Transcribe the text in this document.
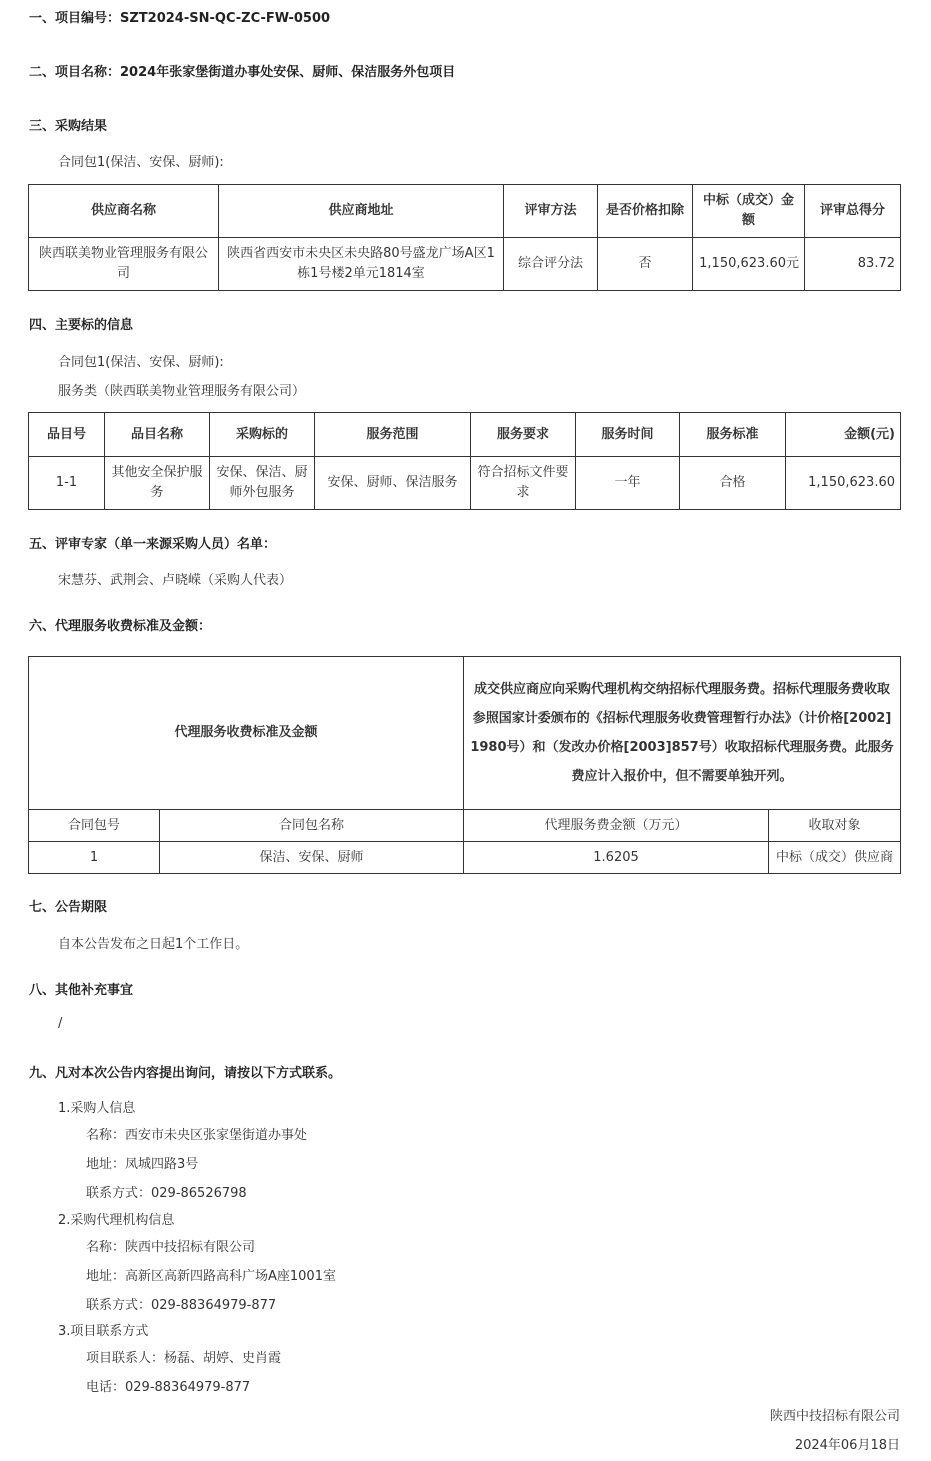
一、项目编号：SZT2024-SN-QC-ZC-FW-0500
二、项目名称：2024年张家堡街道办事处安保、厨师、保洁服务外包项目
三、采购结果
合同包1(保洁、安保、厨师):
供应商名称	供应商地址	评审方法	是否价格扣除	中标（成交）金额	评审总得分
陕西联美物业管理服务有限公司	陕西省西安市未央区未央路80号盛龙广场A区1栋1号楼2单元1814室	综合评分法	否	1,150,623.60元	83.72
四、主要标的信息
合同包1(保洁、安保、厨师):
服务类（陕西联美物业管理服务有限公司）
品目号	品目名称	采购标的	服务范围	服务要求	服务时间	服务标准	金额(元)
1-1	其他安全保护服务	安保、保洁、厨师外包服务	安保、厨师、保洁服务	符合招标文件要求	一年	合格	1,150,623.60
五、评审专家（单一来源采购人员）名单：
宋慧芬、武荆会、卢晓嵘（采购人代表）
六、代理服务收费标准及金额：
代理服务收费标准及金额		成交供应商应向采购代理机构交纳招标代理服务费。招标代理服务费收取参照国家计委颁布的《招标代理服务收费管理暂行办法》（计价格[2002]1980号）和（发改办价格[2003]857号）收取招标代理服务费。此服务费应计入报价中，但不需要单独开列。	
合同包号	合同包名称	代理服务费金额（万元）	收取对象
1	保洁、安保、厨师	1.6205	中标（成交）供应商
七、公告期限
自本公告发布之日起1个工作日。
八、其他补充事宜
/
九、凡对本次公告内容提出询问，请按以下方式联系。
1.采购人信息
名称：西安市未央区张家堡街道办事处
地址：凤城四路3号
联系方式：029-86526798
2.采购代理机构信息
名称：陕西中技招标有限公司
地址：高新区高新四路高科广场A座1001室
联系方式：029-88364979-877
3.项目联系方式
项目联系人：杨磊、胡婷、史肖霞
电话：029-88364979-877
陕西中技招标有限公司
2024年06月18日
